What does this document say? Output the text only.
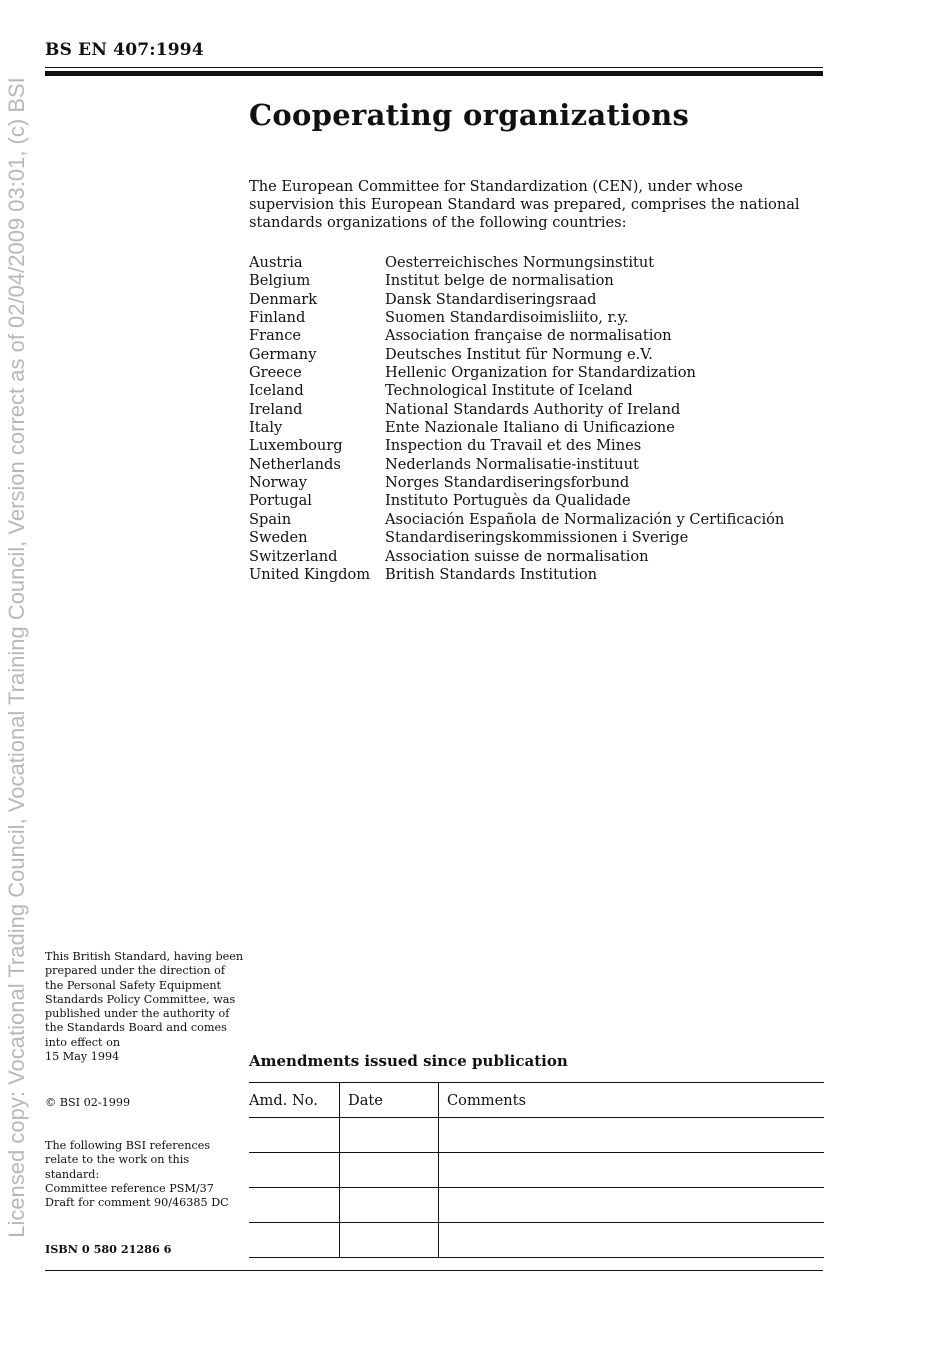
Licensed copy: Vocational Trading Council, Vocational Training Council, Version correct as of 02/04/2009 03:01, (c) BSI
BS EN 407:1994
Cooperating organizations
The European Committee for Standardization (CEN), under whose supervision this European Standard was prepared, comprises the national standards organizations of the following countries:
Austria	Oesterreichisches Normungsinstitut
Belgium	Institut belge de normalisation
Denmark	Dansk Standardiseringsraad
Finland	Suomen Standardisoimisliito, r.y.
France	Association française de normalisation
Germany	Deutsches Institut für Normung e.V.
Greece	Hellenic Organization for Standardization
Iceland	Technological Institute of Iceland
Ireland	National Standards Authority of Ireland
Italy	Ente Nazionale Italiano di Unificazione
Luxembourg	Inspection du Travail et des Mines
Netherlands	Nederlands Normalisatie-instituut
Norway	Norges Standardiseringsforbund
Portugal	Instituto Portuguès da Qualidade
Spain	Asociación Española de Normalización y Certificación
Sweden	Standardiseringskommissionen i Sverige
Switzerland	Association suisse de normalisation
United Kingdom	British Standards Institution
This British Standard, having been prepared under the direction of the Personal Safety Equipment Standards Policy Committee, was published under the authority of the Standards Board and comes into effect on
15 May 1994
© BSI 02-1999
The following BSI references relate to the work on this standard:
Committee reference PSM/37
Draft for comment 90/46385 DC
ISBN 0 580 21286 6
Amendments issued since publication
Amd. No.	Date	Comments
